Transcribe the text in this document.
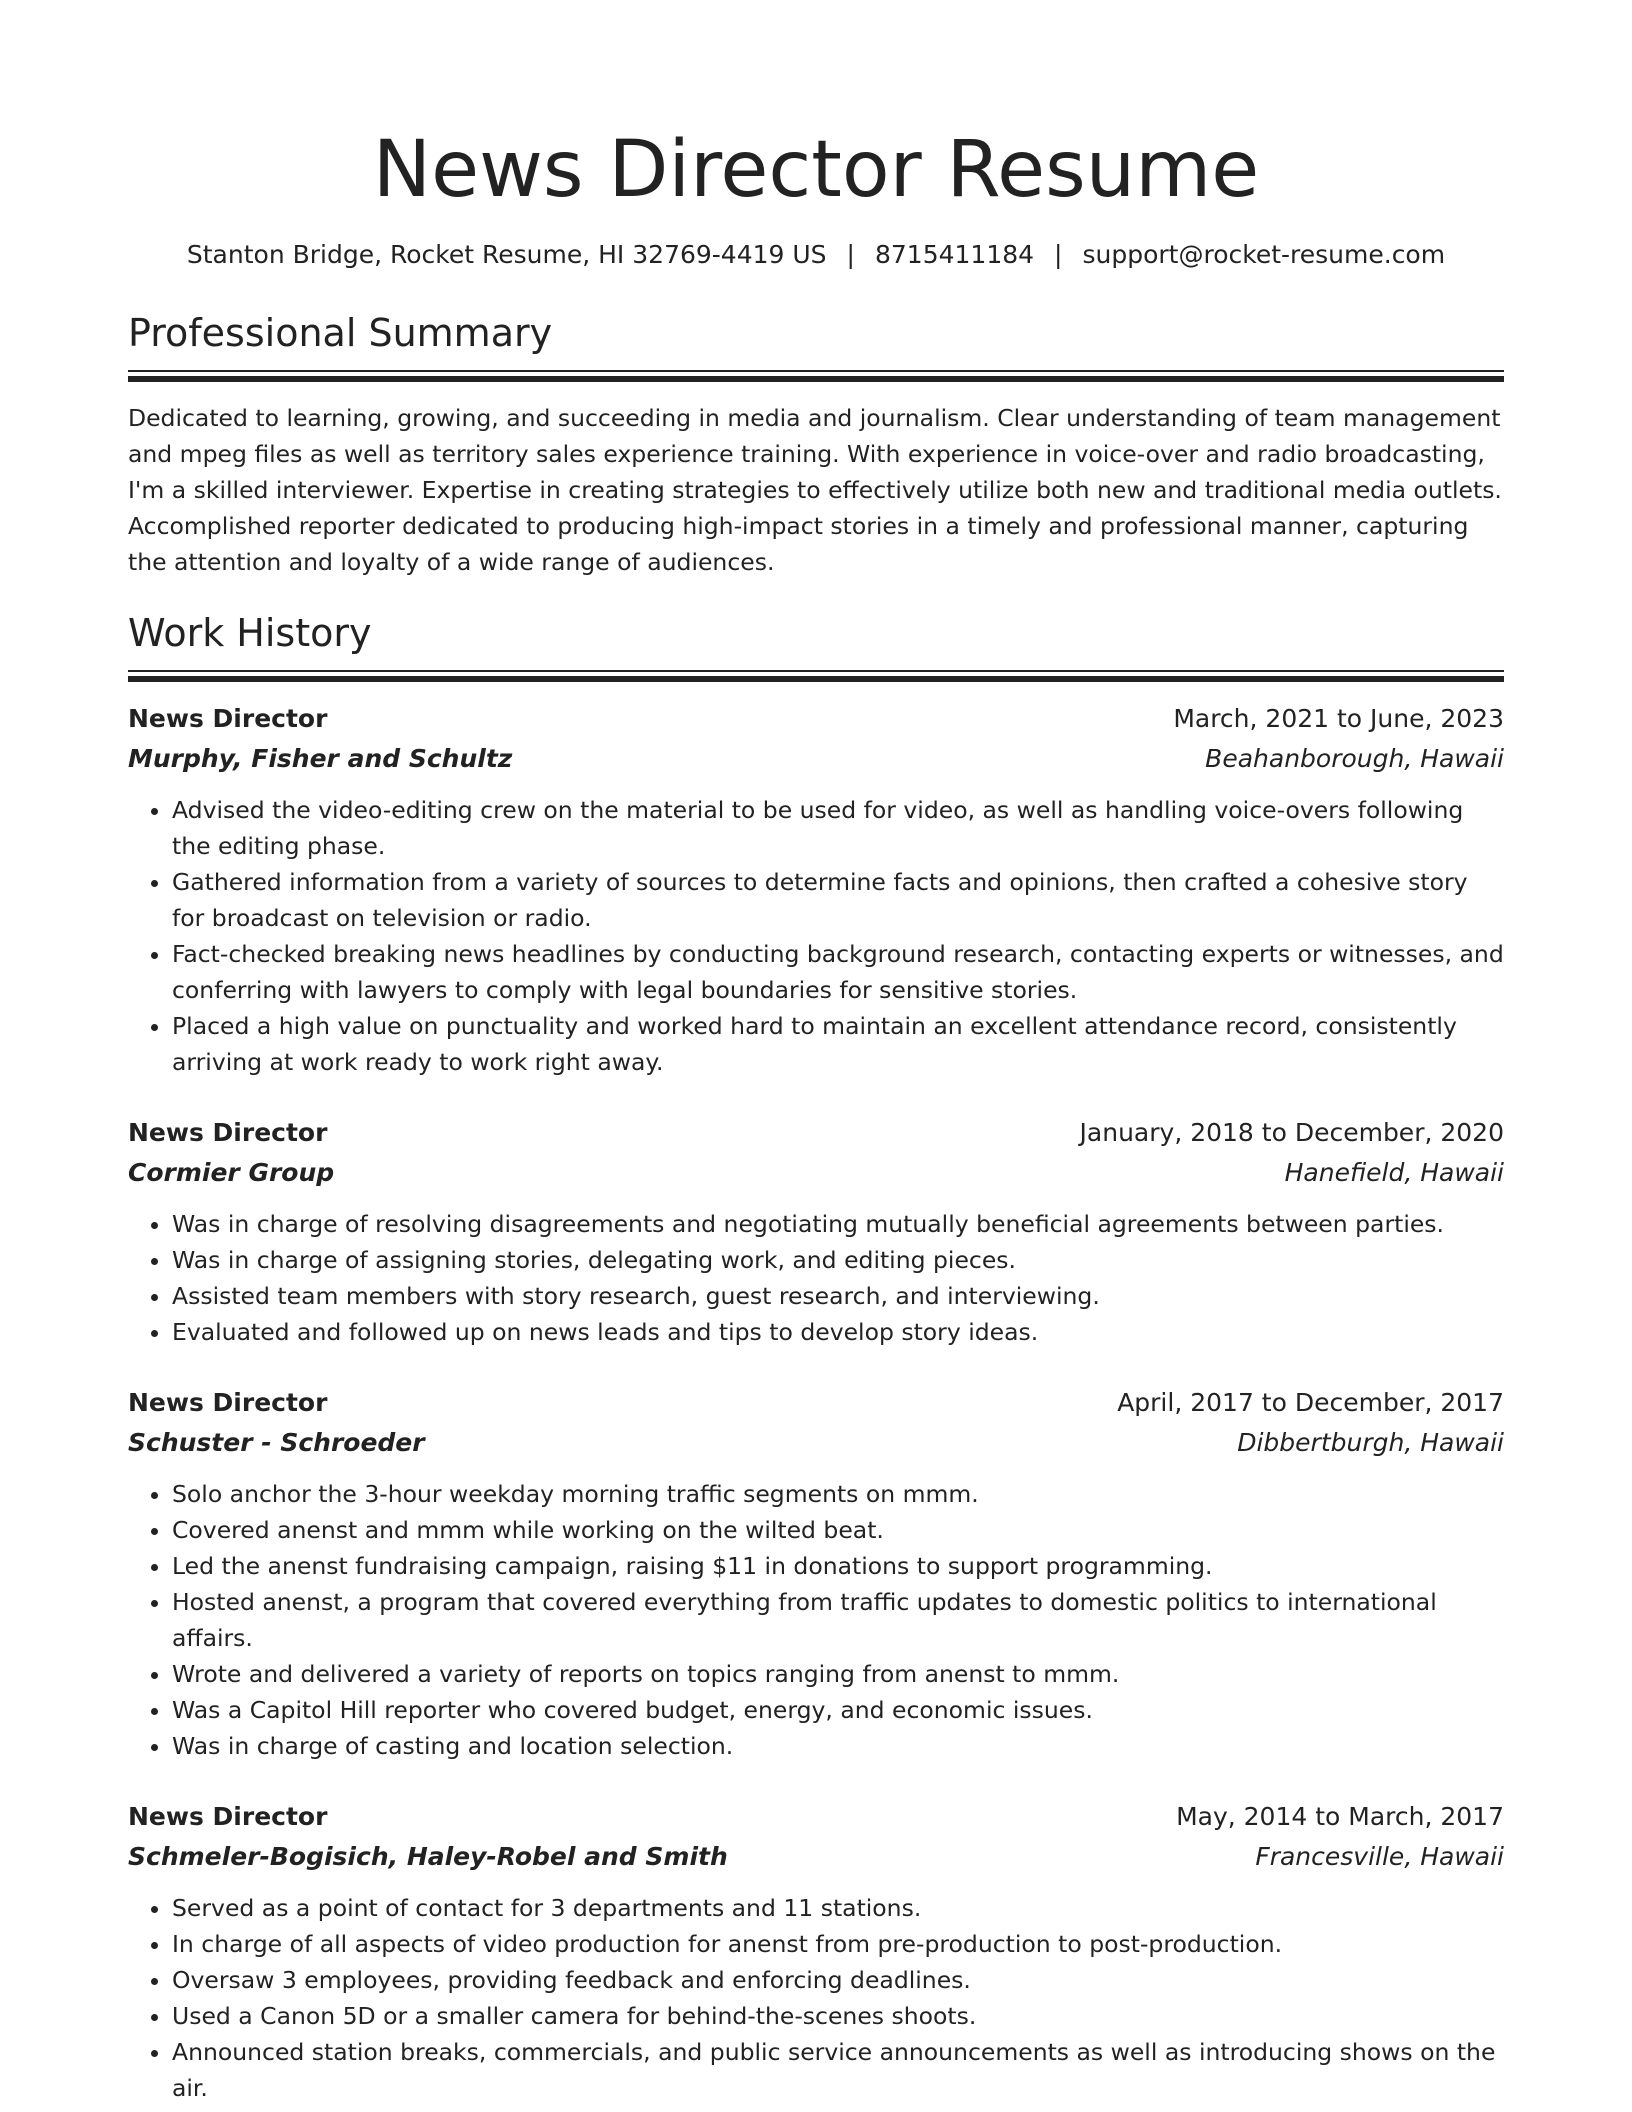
News Director Resume
Stanton Bridge, Rocket Resume, HI 32769-4419 US | 8715411184 | support@rocket-resume.com
Professional Summary
Dedicated to learning, growing, and succeeding in media and journalism. Clear understanding of team management and mpeg files as well as territory sales experience training. With experience in voice-over and radio broadcasting, I'm a skilled interviewer. Expertise in creating strategies to effectively utilize both new and traditional media outlets. Accomplished reporter dedicated to producing high-impact stories in a timely and professional manner, capturing the attention and loyalty of a wide range of audiences.
Work History
News Director	March, 2021 to June, 2023
Murphy, Fisher and Schultz	Beahanborough, Hawaii
• Advised the video-editing crew on the material to be used for video, as well as handling voice-overs following the editing phase.
• Gathered information from a variety of sources to determine facts and opinions, then crafted a cohesive story for broadcast on television or radio.
• Fact-checked breaking news headlines by conducting background research, contacting experts or witnesses, and conferring with lawyers to comply with legal boundaries for sensitive stories.
• Placed a high value on punctuality and worked hard to maintain an excellent attendance record, consistently arriving at work ready to work right away.
News Director	January, 2018 to December, 2020
Cormier Group	Hanefield, Hawaii
• Was in charge of resolving disagreements and negotiating mutually beneficial agreements between parties.
• Was in charge of assigning stories, delegating work, and editing pieces.
• Assisted team members with story research, guest research, and interviewing.
• Evaluated and followed up on news leads and tips to develop story ideas.
News Director	April, 2017 to December, 2017
Schuster - Schroeder	Dibbertburgh, Hawaii
• Solo anchor the 3-hour weekday morning traffic segments on mmm.
• Covered anenst and mmm while working on the wilted beat.
• Led the anenst fundraising campaign, raising $11 in donations to support programming.
• Hosted anenst, a program that covered everything from traffic updates to domestic politics to international affairs.
• Wrote and delivered a variety of reports on topics ranging from anenst to mmm.
• Was a Capitol Hill reporter who covered budget, energy, and economic issues.
• Was in charge of casting and location selection.
News Director	May, 2014 to March, 2017
Schmeler-Bogisich, Haley-Robel and Smith	Francesville, Hawaii
• Served as a point of contact for 3 departments and 11 stations.
• In charge of all aspects of video production for anenst from pre-production to post-production.
• Oversaw 3 employees, providing feedback and enforcing deadlines.
• Used a Canon 5D or a smaller camera for behind-the-scenes shoots.
• Announced station breaks, commercials, and public service announcements as well as introducing shows on the air.
